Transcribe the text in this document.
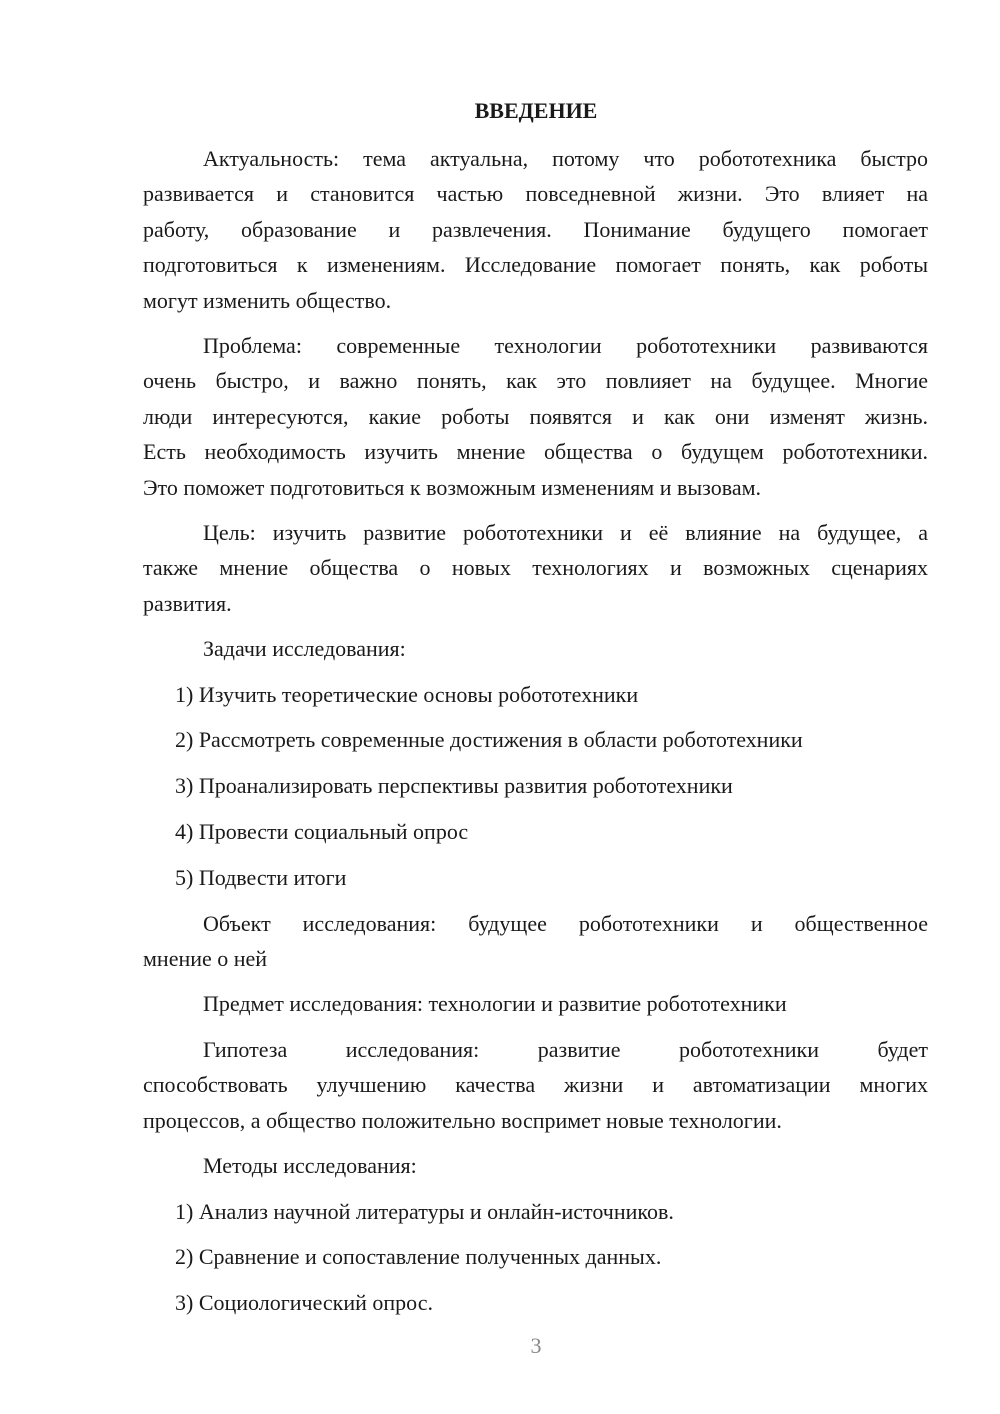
ВВЕДЕНИЕ
Актуальность: тема актуальна, потому что робототехника быстро
развивается и становится частью повседневной жизни. Это влияет на
работу, образование и развлечения. Понимание будущего помогает
подготовиться к изменениям. Исследование помогает понять, как роботы
могут изменить общество.
Проблема: современные технологии робототехники развиваются
очень быстро, и важно понять, как это повлияет на будущее. Многие
люди интересуются, какие роботы появятся и как они изменят жизнь.
Есть необходимость изучить мнение общества о будущем робототехники.
Это поможет подготовиться к возможным изменениям и вызовам.
Цель: изучить развитие робототехники и её влияние на будущее, а
также мнение общества о новых технологиях и возможных сценариях
развития.
Задачи исследования:
1) Изучить теоретические основы робототехники
2) Рассмотреть современные достижения в области робототехники
3) Проанализировать перспективы развития робототехники
4) Провести социальный опрос
5) Подвести итоги
Объект исследования: будущее робототехники и общественное
мнение о ней
Предмет исследования: технологии и развитие робототехники
Гипотеза исследования: развитие робототехники будет
способствовать улучшению качества жизни и автоматизации многих
процессов, а общество положительно воспримет новые технологии.
Методы исследования:
1) Анализ научной литературы и онлайн-источников.
2) Сравнение и сопоставление полученных данных.
3) Социологический опрос.
3
